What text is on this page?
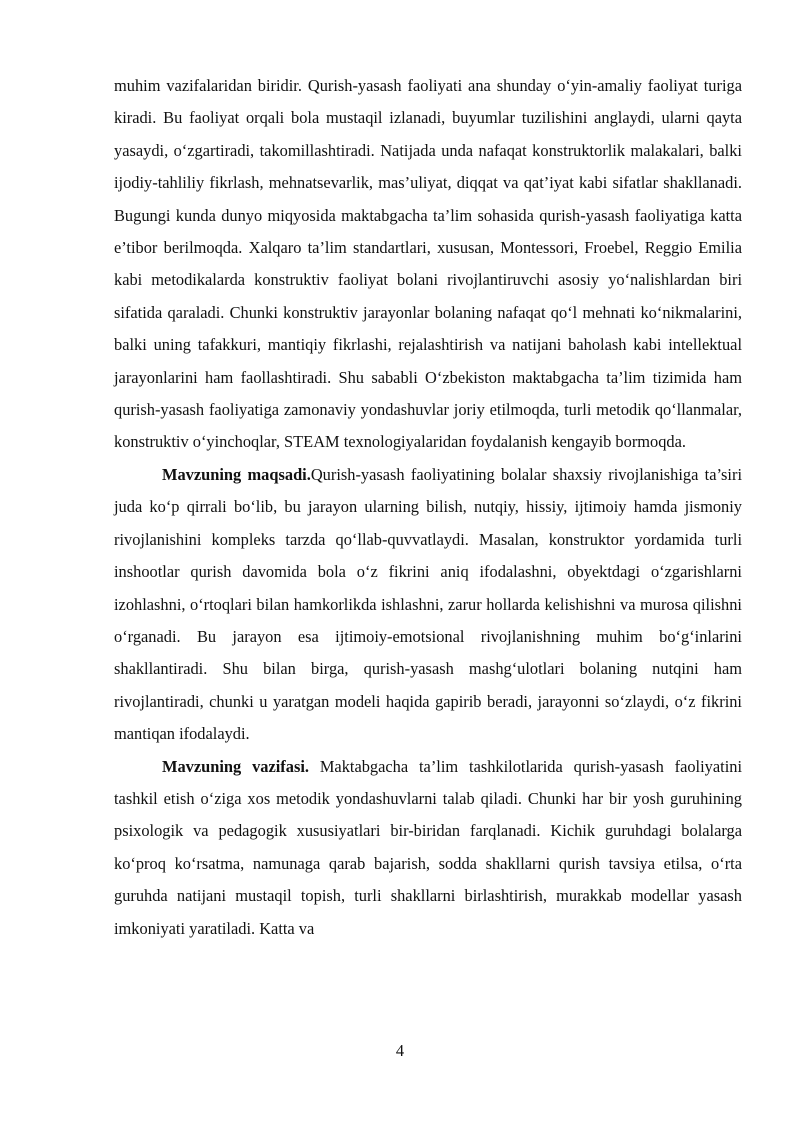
muhim vazifalaridan biridir. Qurish-yasash faoliyati ana shunday o‘yin-amaliy faoliyat turiga kiradi. Bu faoliyat orqali bola mustaqil izlanadi, buyumlar tuzilishini anglaydi, ularni qayta yasaydi, o‘zgartiradi, takomillashtiradi. Natijada unda nafaqat konstruktorlik malakalari, balki ijodiy-tahliliy fikrlash, mehnatsevarlik, mas’uliyat, diqqat va qat’iyat kabi sifatlar shakllanadi. Bugungi kunda dunyo miqyosida maktabgacha ta’lim sohasida qurish-yasash faoliyatiga katta e’tibor berilmoqda. Xalqaro ta’lim standartlari, xususan, Montessori, Froebel, Reggio Emilia kabi metodikalarda konstruktiv faoliyat bolani rivojlantiruvchi asosiy yo‘nalishlardan biri sifatida qaraladi. Chunki konstruktiv jarayonlar bolaning nafaqat qo‘l mehnati ko‘nikmalarini, balki uning tafakkuri, mantiqiy fikrlashi, rejalashtirish va natijani baholash kabi intellektual jarayonlarini ham faollashtiradi. Shu sababli O‘zbekiston maktabgacha ta’lim tizimida ham qurish-yasash faoliyatiga zamonaviy yondashuvlar joriy etilmoqda, turli metodik qo‘llanmalar, konstruktiv o‘yinchoqlar, STEAM texnologiyalaridan foydalanish kengayib bormoqda.

Mavzuning maqsadi.Qurish-yasash faoliyatining bolalar shaxsiy rivojlanishiga ta’siri juda ko‘p qirrali bo‘lib, bu jarayon ularning bilish, nutqiy, hissiy, ijtimoiy hamda jismoniy rivojlanishini kompleks tarzda qo‘llab-quvvatlaydi. Masalan, konstruktor yordamida turli inshootlar qurish davomida bola o‘z fikrini aniq ifodalashni, obyektdagi o‘zgarishlarni izohlashni, o‘rtoqlari bilan hamkorlikda ishlashni, zarur hollarda kelishishni va murosa qilishni o‘rganadi. Bu jarayon esa ijtimoiy-emotsional rivojlanishning muhim bo‘g‘inlarini shakllantiradi. Shu bilan birga, qurish-yasash mashg‘ulotlari bolaning nutqini ham rivojlantiradi, chunki u yaratgan modeli haqida gapirib beradi, jarayonni so‘zlaydi, o‘z fikrini mantiqan ifodalaydi.

Mavzuning vazifasi. Maktabgacha ta’lim tashkilotlarida qurish-yasash faoliyatini tashkil etish o‘ziga xos metodik yondashuvlarni talab qiladi. Chunki har bir yosh guruhining psixologik va pedagogik xususiyatlari bir-biridan farqlanadi. Kichik guruhdagi bolalarga ko‘proq ko‘rsatma, namunaga qarab bajarish, sodda shakllarni qurish tavsiya etilsa, o‘rta guruhda natijani mustaqil topish, turli shakllarni birlashtirish, murakkab modellar yasash imkoniyati yaratiladi. Katta va

4
